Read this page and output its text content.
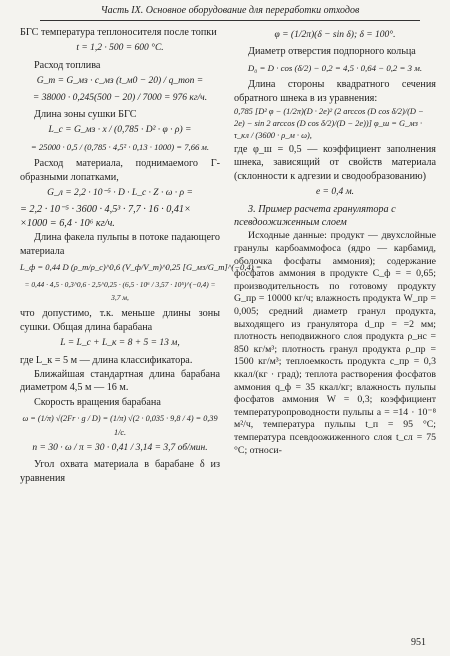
Часть IX. Основное оборудование для переработки отходов
БГС температура теплоносителя после топки
t = 1,2 · 500 = 600 °С.
Расход топлива
G_т = G_мз · c_мз (t_м0 − 20) / q_топ =
= 38000 · 0,245(500 − 20) / 7000 = 976 кг/ч.
Длина зоны сушки БГС
L_с = G_мз · x / (0,785 · D² · φ · ρ) =
= 25000 · 0,5 / (0,785 · 4,5² · 0,13 · 1000) = 7,66 м.
Расход материала, поднимаемого Г-образными лопатками,
G_л = 2,2 · 10⁻⁵ · D · L_с · Z · ω · ρ =
= 2,2 · 10⁻⁵ · 3600 · 4,5³ · 7,7 · 16 · 0,41× ×1000 = 6,4 · 10⁶ кг/ч.
Длина факела пульпы в потоке падающего материала
L_ф = 0,44 D (ρ_т/ρ_с)^0,6 (V_ф/V_т)^0,25 [G_мз/G_т]^(−0,4) =
= 0,44 · 4,5 · 0,3^0,6 · 2,5^0,25 · (6,5 · 10⁶ / 3,57 · 10⁵)^(−0,4) = 3,7 м,
что допустимо, т.к. меньше длины зоны сушки. Общая длина барабана
L = L_с + L_к = 8 + 5 = 13 м,
где L_к = 5 м — длина классификатора.
Ближайшая стандартная длина барабана диаметром 4,5 м — 16 м.
Скорость вращения барабана
ω = (1/π) √(2Fr · g / D) = (1/π) √(2 · 0,035 · 9,8 / 4) = 0,39 1/с.
n = 30 · ω / π = 30 · 0,41 / 3,14 = 3,7 об/мин.
Угол охвата материала в барабане δ из уравнения
φ = (1/2π)(δ − sin δ); δ = 100°.
Диаметр отверстия подпорного кольца
D₀ = D · cos (δ/2) − 0,2 = 4,5 · 0,64 − 0,2 = 3 м.
Длина стороны квадратного сечения обратного шнека в из уравнения:
0,785 [D² φ − (1/2π)(D · 2e)² (2 arccos (D cos δ/2)/(D − 2e) − sin 2 arccos (D cos δ/2)/(D − 2e))] φ_ш = G_мз · τ_кл / (3600 · ρ_м · ω),
где φ_ш = 0,5 — коэффициент заполнения шнека, зависящий от свойств материала (склонности к адгезии и сводообразованию)
e = 0,4 м.
3. Пример расчета гранулятора с псевдоожиженным слоем
Исходные данные: продукт — двухслойные гранулы карбоаммофоса (ядро — карбамид, оболочка фосфаты аммония); содержание фосфатов аммония в продукте C_ф = = 0,65; производительность по готовому продукту G_пр = 10000 кг/ч; влажность продукта W_пр = 0,005; средний диаметр гранул продукта, выходящего из гранулятора d_пр = =2 мм; плотность неподвижного слоя продукта ρ_нс = 850 кг/м³; плотность гранул продукта ρ_пр = 1500 кг/м³; теплоемкость продукта c_пр = 0,3 ккал/(кг · град); теплота растворения фосфатов аммония q_ф = 35 ккал/кг; влажность пульпы фосфатов аммония W = 0,3; коэффициент температуропроводности пульпы a = =14 · 10⁻⁸ м²/ч, температура пульпы t_п = 95 °С; температура псевдоожиженного слоя t_сл = 75 °С; относи-
951
